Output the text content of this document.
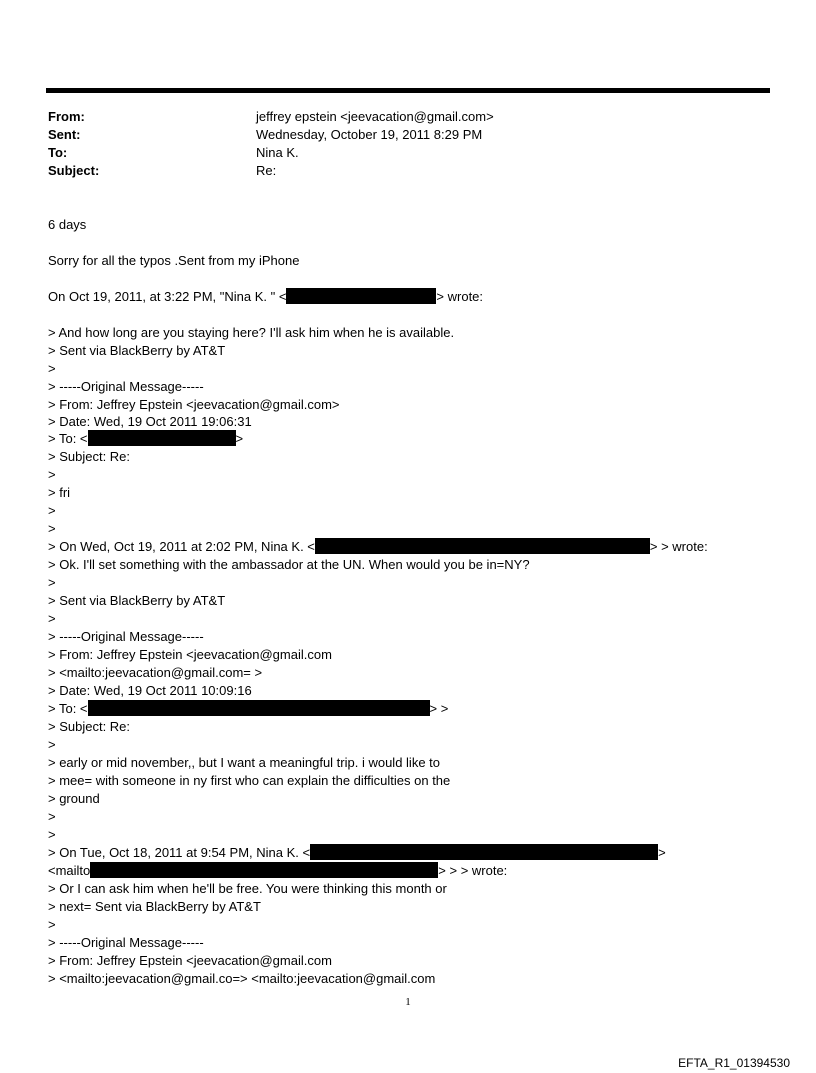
From:	jeffrey epstein <jeevacation@gmail.com>
Sent:	Wednesday, October 19, 2011 8:29 PM
To:	Nina K.
Subject:	Re:
6 days
Sorry for all the typos .Sent from my iPhone
On Oct 19, 2011, at 3:22 PM, "Nina K. " <	> wrote:
> And how long are you staying here? I'll ask him when he is available.
> Sent via BlackBerry by AT&T
>
> -----Original Message-----
> From: Jeffrey Epstein <jeevacation@gmail.com>
> Date: Wed, 19 Oct 2011 19:06:31
> To: <	>
> Subject: Re:
>
> fri
>
>
> On Wed, Oct 19, 2011 at 2:02 PM, Nina K. <	> > wrote:
> Ok. I'll set something with the ambassador at the UN. When would you be in=NY?
>
> Sent via BlackBerry by AT&T
>
> -----Original Message-----
> From: Jeffrey Epstein <jeevacation@gmail.com
> <mailto:jeevacation@gmail.com= >
> Date: Wed, 19 Oct 2011 10:09:16
> To: <	> >
> Subject: Re:
>
> early or mid november,, but I want a meaningful trip. i would like to
> mee= with someone in ny first who can explain the difficulties on the
> ground
>
>
> On Tue, Oct 18, 2011 at 9:54 PM, Nina K. <	>
<mailto	> > > wrote:
> Or I can ask him when he'll be free. You were thinking this month or
> next= Sent via BlackBerry by AT&T
>
> -----Original Message-----
> From: Jeffrey Epstein <jeevacation@gmail.com
> <mailto:jeevacation@gmail.co=> <mailto:jeevacation@gmail.com
1
EFTA_R1_01394530
